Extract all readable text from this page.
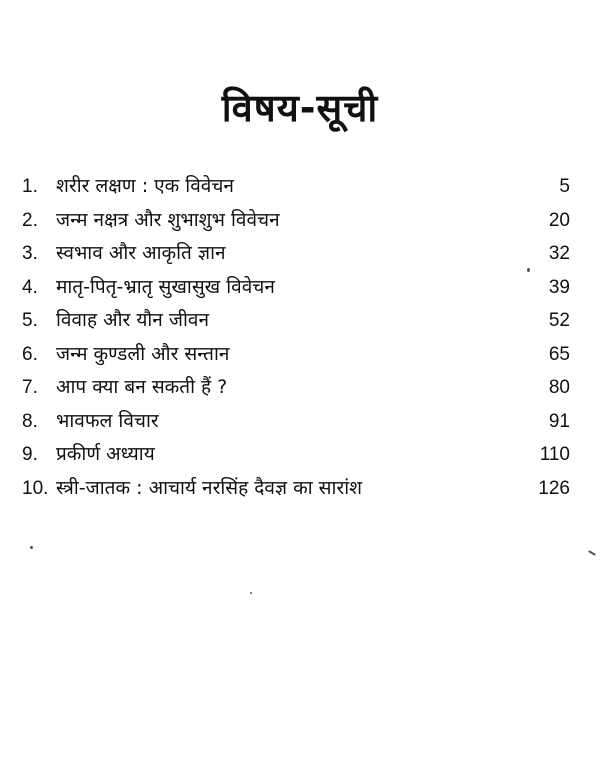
विषय-सूची
1. शरीर लक्षण : एक विवेचन	5
2. जन्म नक्षत्र और शुभाशुभ विवेचन	20
3. स्वभाव और आकृति ज्ञान	32
4. मातृ-पितृ-भ्रातृ सुखासुख विवेचन	39
5. विवाह और यौन जीवन	52
6. जन्म कुण्डली और सन्तान	65
7. आप क्या बन सकती हैं ?	80
8. भावफल विचार	91
9. प्रकीर्ण अध्याय	110
10. स्त्री-जातक : आचार्य नरसिंह दैवज्ञ का सारांश	126
